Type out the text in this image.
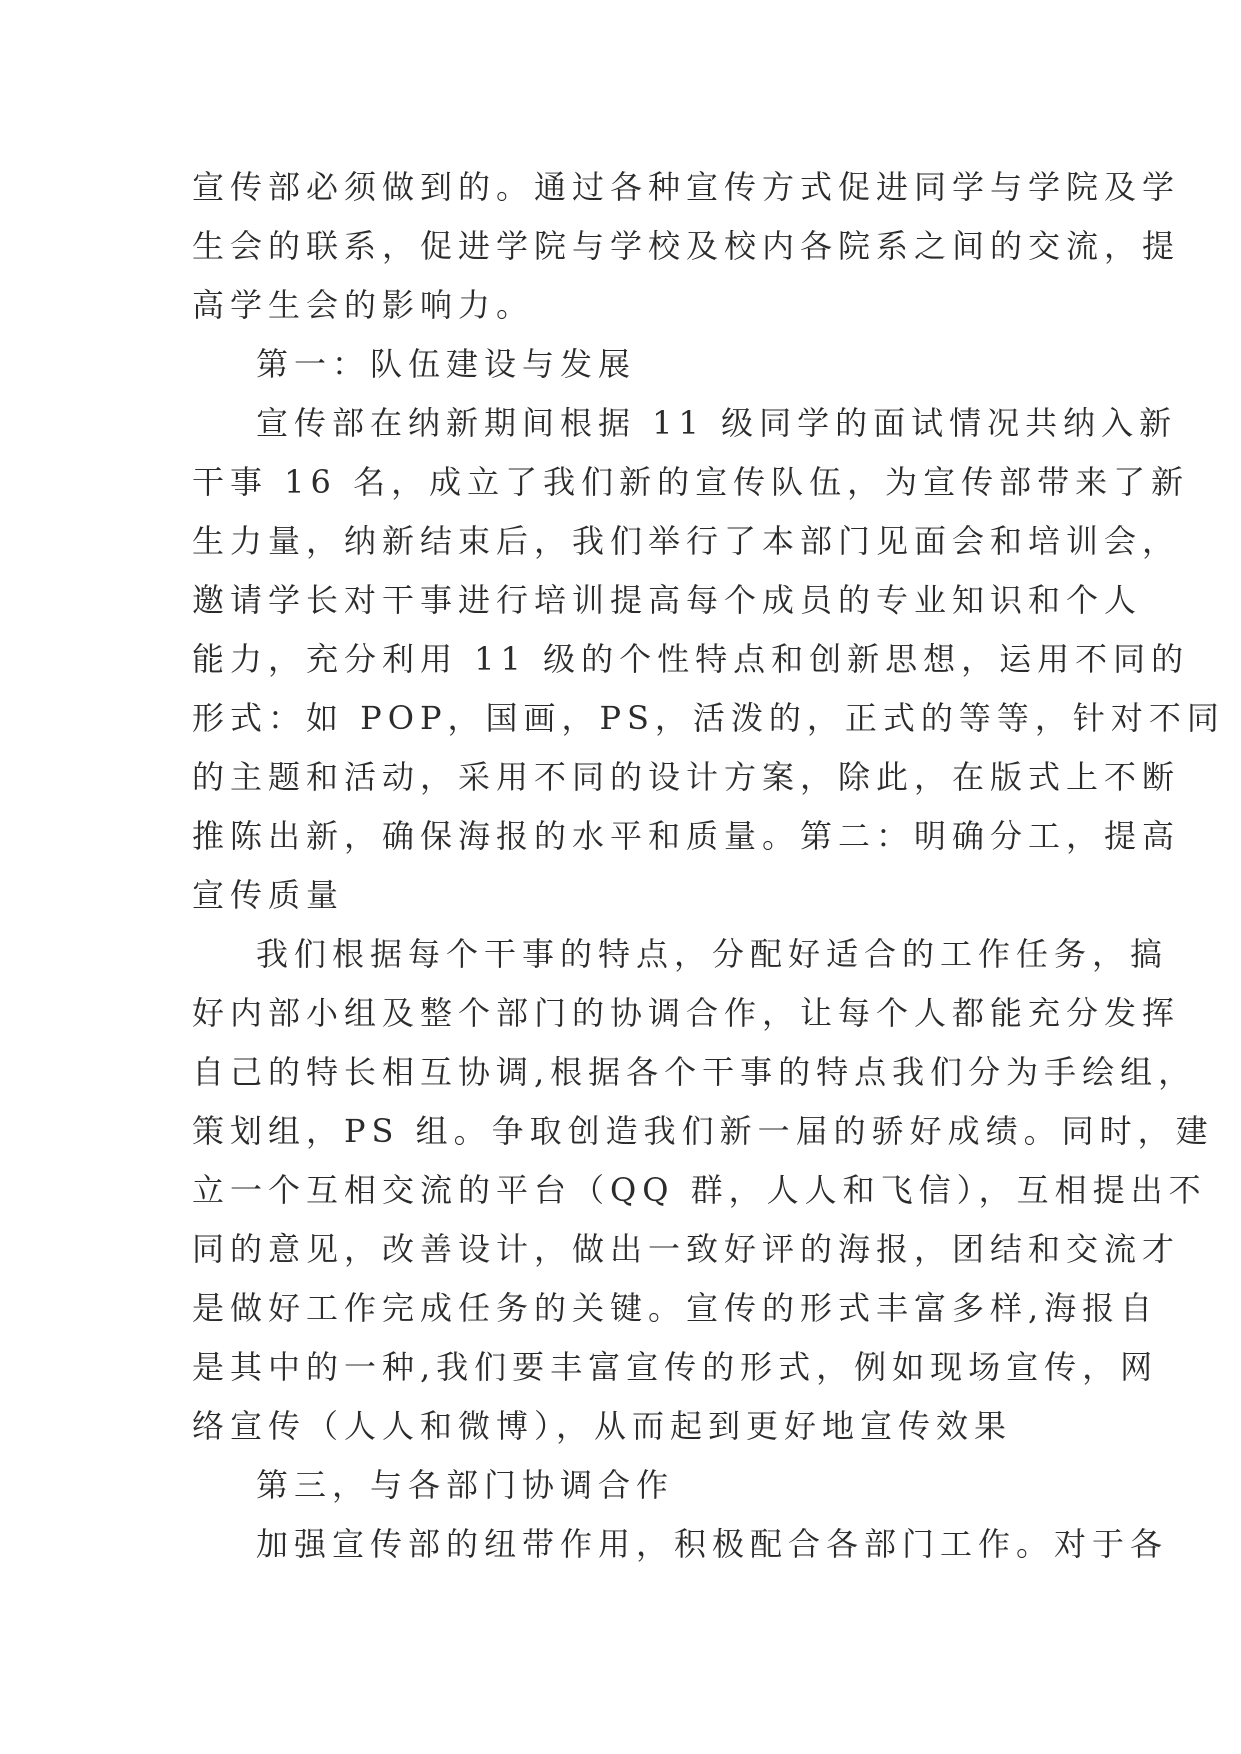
宣传部必须做到的。通过各种宣传方式促进同学与学院及学
生会的联系，促进学院与学校及校内各院系之间的交流，提
高学生会的影响力。
第一：队伍建设与发展
宣传部在纳新期间根据 11 级同学的面试情况共纳入新
干事 16 名，成立了我们新的宣传队伍，为宣传部带来了新
生力量，纳新结束后，我们举行了本部门见面会和培训会，
邀请学长对干事进行培训提高每个成员的专业知识和个人
能力，充分利用 11 级的个性特点和创新思想，运用不同的
形式：如 POP，国画，PS，活泼的，正式的等等，针对不同
的主题和活动，采用不同的设计方案，除此，在版式上不断
推陈出新，确保海报的水平和质量。第二：明确分工，提高
宣传质量
我们根据每个干事的特点，分配好适合的工作任务，搞
好内部小组及整个部门的协调合作，让每个人都能充分发挥
自己的特长相互协调,根据各个干事的特点我们分为手绘组，
策划组，PS 组。争取创造我们新一届的骄好成绩。同时，建
立一个互相交流的平台（QQ 群，人人和飞信），互相提出不
同的意见，改善设计，做出一致好评的海报，团结和交流才
是做好工作完成任务的关键。宣传的形式丰富多样,海报自
是其中的一种,我们要丰富宣传的形式，例如现场宣传，网
络宣传（人人和微博），从而起到更好地宣传效果
第三，与各部门协调合作
加强宣传部的纽带作用，积极配合各部门工作。对于各
